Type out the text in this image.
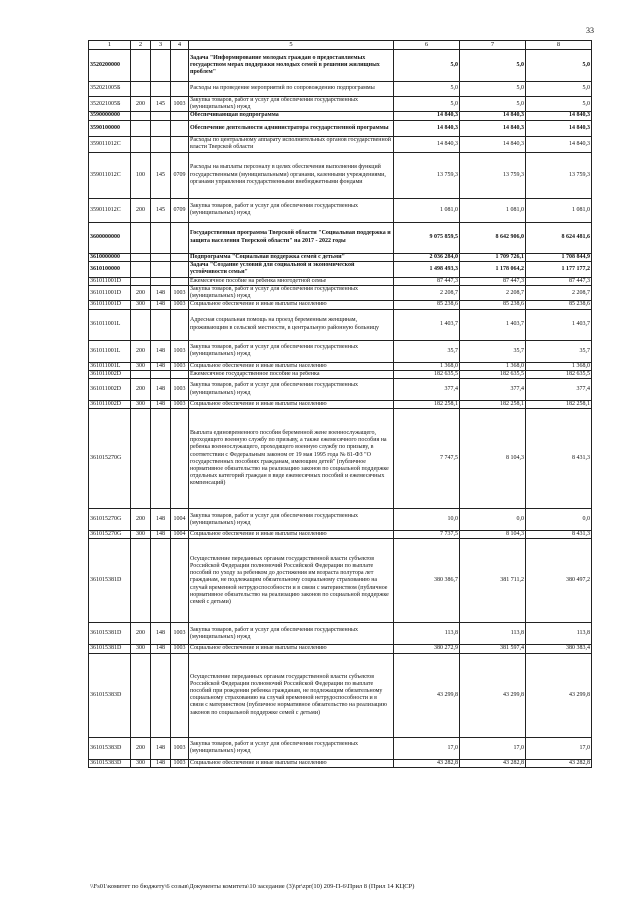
33
1	2	3	4	5	6	7	8
3520200000				Задача "Информирование молодых граждан о предоставляемых государством мерах поддержки молодых семей в решении жилищных проблем"	5,0	5,0	5,0
352021005Б				Расходы на проведение мероприятий по сопровождению подпрограммы	5,0	5,0	5,0
352021005Б	200	145	1003	Закупка товаров, работ и услуг для обеспечения государственных (муниципальных) нужд	5,0	5,0	5,0
3590000000				Обеспечивающая подпрограмма	14 840,3	14 840,3	14 840,3
3590100000				Обеспечение деятельности администратора государственной программы	14 840,3	14 840,3	14 840,3
359011012С				Расходы по центральному аппарату исполнительных органов государственной власти Тверской области	14 840,3	14 840,3	14 840,3
359011012С	100	145	0709	Расходы на выплаты персоналу в целях обеспечения выполнения функций государственными (муниципальными) органами, казенными учреждениями, органами управления государственными внебюджетными фондами	13 759,3	13 759,3	13 759,3
359011012С	200	145	0709	Закупка товаров, работ и услуг для обеспечения государственных (муниципальных) нужд	1 081,0	1 081,0	1 081,0
3600000000				Государственная программа Тверской области "Социальная поддержка и защита населения Тверской области" на 2017 - 2022 годы	9 075 859,5	8 642 906,0	8 624 481,6
3610000000				Подпрограмма "Социальная поддержка семей с детьми"	2 036 284,0	1 709 726,1	1 708 844,9
3610100000				Задача "Создание условий для социальной и экономической устойчивости семьи"	1 498 493,3	1 178 064,2	1 177 177,2
361011001D				Ежемесячное пособие на ребенка многодетной семье	87 447,3	87 447,3	87 447,3
361011001D	200	148	1003	Закупка товаров, работ и услуг для обеспечения государственных (муниципальных) нужд	2 208,7	2 208,7	2 208,7
361011001D	300	148	1003	Социальное обеспечение и иные выплаты населению	85 238,6	85 238,6	85 238,6
361011001L				Адресная социальная помощь на проезд беременным женщинам, проживающим в сельской местности, в центральную районную больницу	1 403,7	1 403,7	1 403,7
361011001L	200	148	1003	Закупка товаров, работ и услуг для обеспечения государственных (муниципальных) нужд	35,7	35,7	35,7
361011001L	300	148	1003	Социальное обеспечение и иные выплаты населению	1 368,0	1 368,0	1 368,0
361011002D				Ежемесячное государственное пособие на ребенка	182 635,5	182 635,5	182 635,5
361011002D	200	148	1003	Закупка товаров, работ и услуг для обеспечения государственных (муниципальных) нужд	377,4	377,4	377,4
361011002D	300	148	1003	Социальное обеспечение и иные выплаты населению	182 258,1	182 258,1	182 258,1
361015270G				Выплата единовременного пособия беременной жене военнослужащего, проходящего военную службу по призыву, а также ежемесячного пособия на ребенка военнослужащего, проходящего военную службу по призыву, в соответствии с Федеральным законом от 19 мая 1995 года № 81-ФЗ "О государственных пособиях гражданам, имеющим детей" (публичное нормативное обязательство на реализацию законов по социальной поддержке отдельных категорий граждан в виде ежемесячных пособий и ежемесячных компенсаций)	7 747,5	8 104,3	8 431,3
361015270G	200	148	1004	Закупка товаров, работ и услуг для обеспечения государственных (муниципальных) нужд	10,0	0,0	0,0
361015270G	300	148	1004	Социальное обеспечение и иные выплаты населению	7 737,5	8 104,3	8 431,3
361015381D				Осуществление переданных органам государственной власти субъектов Российской Федерации полномочий Российской Федерации по выплате пособий по уходу за ребенком до достижения им возраста полутора лет гражданам, не подлежащим обязательному социальному страхованию на случай временной нетрудоспособности и в связи с материнством (публичное нормативное обязательство на реализацию законов по социальной поддержке семей с детьми)	380 386,7	381 711,2	380 497,2
361015381D	200	148	1003	Закупка товаров, работ и услуг для обеспечения государственных (муниципальных) нужд	113,8	113,8	113,8
361015381D	300	148	1003	Социальное обеспечение и иные выплаты населению	380 272,9	381 597,4	380 383,4
361015383D				Осуществление переданных органам государственной власти субъектов Российской Федерации полномочий Российской Федерации по выплате пособий при рождении ребенка гражданам, не подлежащим обязательному социальному страхованию на случай временной нетрудоспособности и в связи с материнством (публичное нормативное обязательство на реализацию законов по социальной поддержке семей с детьми)	43 299,8	43 299,8	43 299,8
361015383D	200	148	1003	Закупка товаров, работ и услуг для обеспечения государственных (муниципальных) нужд	17,0	17,0	17,0
361015383D	300	148	1003	Социальное обеспечение и иные выплаты населению	43 282,8	43 282,8	43 282,8
\\Fs01\комитет по бюджету\6 созыв\Документы комитета\10 заседание (3)\pr\zpr(10) 209-П-6\Прил 8 (Прил 14 КЦСР)
